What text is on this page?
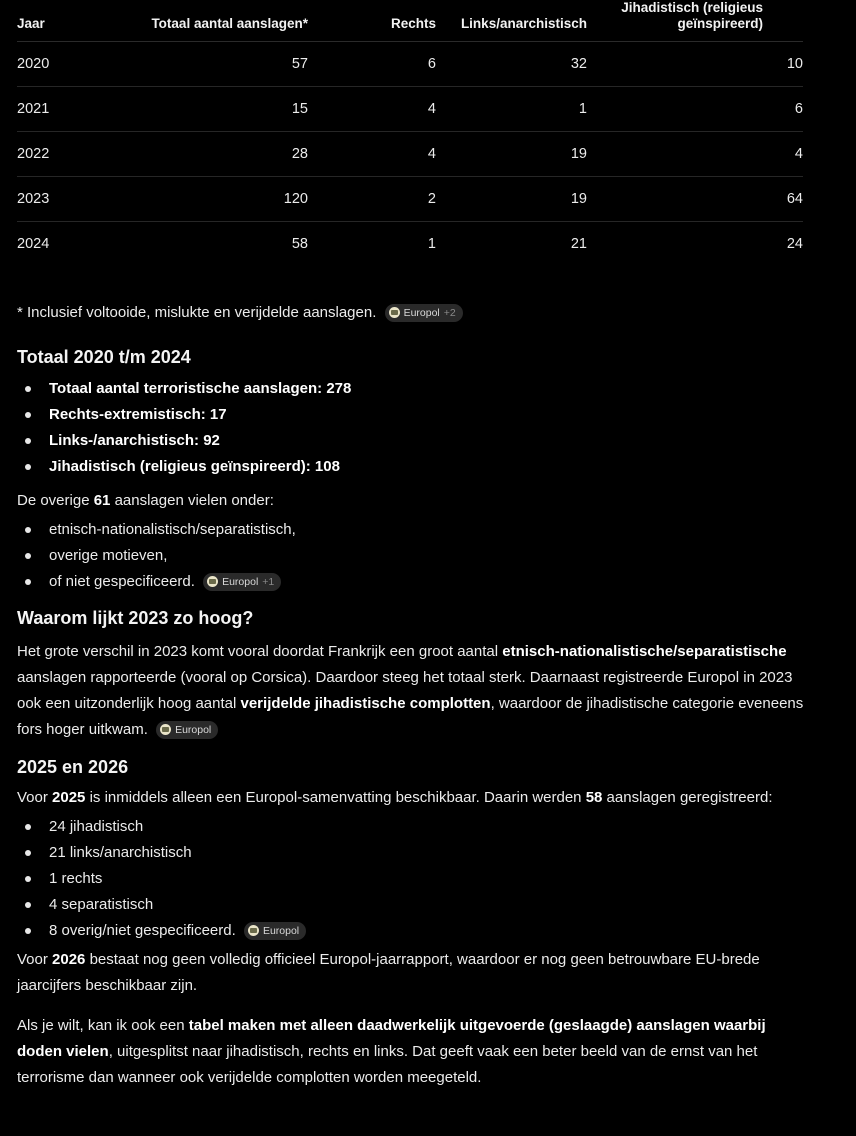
Jaar	Totaal aantal aanslagen*	Rechts	Links/anarchistisch	Jihadistisch (religieus geïnspireerd)

2020	57	6	32	10
2021	15	4	1	6
2022	28	4	19	4
2023	120	2	19	64
2024	58	1	21	24

* Inclusief voltooide, mislukte en verijdelde aanslagen.	Europol +2

Totaal 2020 t/m 2024
Totaal aantal terroristische aanslagen: 278
Rechts-extremistisch: 17
Links-/anarchistisch: 92
Jihadistisch (religieus geïnspireerd): 108

De overige 61 aanslagen vielen onder:

etnisch-nationalistisch/separatistisch,
overige motieven,
of niet gespecificeerd.	Europol +1
Waarom lijkt 2023 zo hoog?

Het grote verschil in 2023 komt vooral doordat Frankrijk een groot aantal etnisch-nationalistische/separatistische aanslagen rapporteerde (vooral op Corsica). Daardoor steeg het totaal sterk. Daarnaast registreerde Europol in 2023 ook een uitzonderlijk hoog aantal verijdelde jihadistische complotten, waardoor de jihadistische categorie eveneens fors hoger uitkwam.	Europol

2025 en 2026

Voor 2025 is inmiddels alleen een Europol-samenvatting beschikbaar. Daarin werden 58 aanslagen geregistreerd:

24 jihadistisch
21 links/anarchistisch
1 rechts
4 separatistisch
8 overig/niet gespecificeerd.	Europol

Voor 2026 bestaat nog geen volledig officieel Europol-jaarrapport, waardoor er nog geen betrouwbare EU-brede jaarcijfers beschikbaar zijn.

Als je wilt, kan ik ook een tabel maken met alleen daadwerkelijk uitgevoerde (geslaagde) aanslagen waarbij doden vielen, uitgesplitst naar jihadistisch, rechts en links. Dat geeft vaak een beter beeld van de ernst van het terrorisme dan wanneer ook verijdelde complotten worden meegeteld.
